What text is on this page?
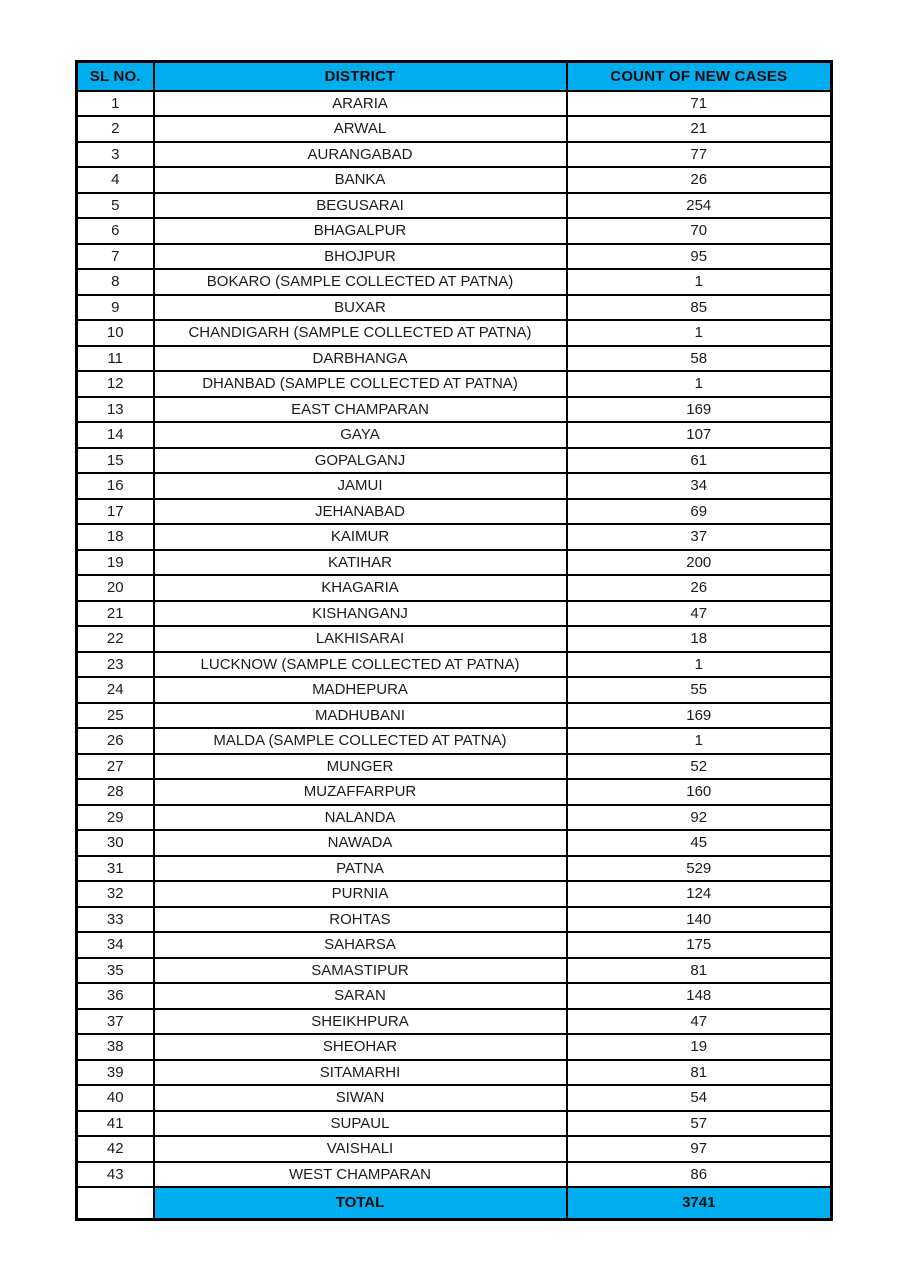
SL NO.	DISTRICT	COUNT OF NEW CASES
1	ARARIA	71
2	ARWAL	21
3	AURANGABAD	77
4	BANKA	26
5	BEGUSARAI	254
6	BHAGALPUR	70
7	BHOJPUR	95
8	BOKARO (SAMPLE COLLECTED AT PATNA)	1
9	BUXAR	85
10	CHANDIGARH (SAMPLE COLLECTED AT PATNA)	1
11	DARBHANGA	58
12	DHANBAD (SAMPLE COLLECTED AT PATNA)	1
13	EAST CHAMPARAN	169
14	GAYA	107
15	GOPALGANJ	61
16	JAMUI	34
17	JEHANABAD	69
18	KAIMUR	37
19	KATIHAR	200
20	KHAGARIA	26
21	KISHANGANJ	47
22	LAKHISARAI	18
23	LUCKNOW (SAMPLE COLLECTED AT PATNA)	1
24	MADHEPURA	55
25	MADHUBANI	169
26	MALDA (SAMPLE COLLECTED AT PATNA)	1
27	MUNGER	52
28	MUZAFFARPUR	160
29	NALANDA	92
30	NAWADA	45
31	PATNA	529
32	PURNIA	124
33	ROHTAS	140
34	SAHARSA	175
35	SAMASTIPUR	81
36	SARAN	148
37	SHEIKHPURA	47
38	SHEOHAR	19
39	SITAMARHI	81
40	SIWAN	54
41	SUPAUL	57
42	VAISHALI	97
43	WEST CHAMPARAN	86
	TOTAL	3741
